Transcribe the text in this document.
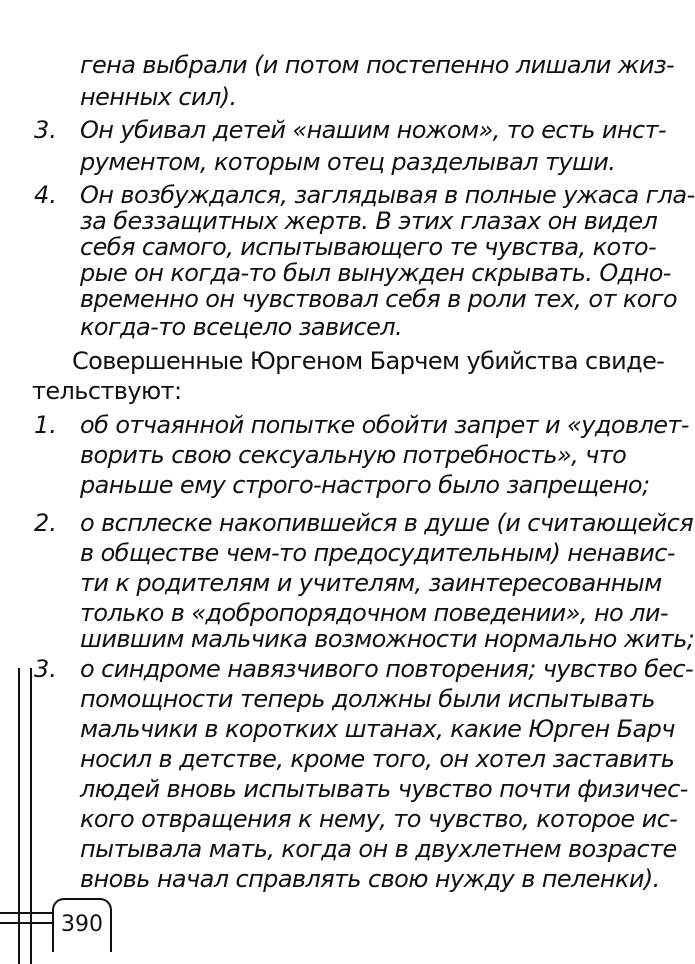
390
3.
4.
1.
2.
3.
гена выбрали (и потом постепенно лишали жиз-
ненных сил).
Он убивал детей «нашим ножом», то есть инст-
рументом, которым отец разделывал туши.
Он возбуждался, заглядывая в полные ужаса гла-
за беззащитных жертв. В этих глазах он видел
себя самого, испытывающего те чувства, кото-
рые он когда-то был вынужден скрывать. Одно-
временно он чувствовал себя в роли тех, от кого
когда-то всецело зависел.
Совершенные Юргеном Барчем убийства свиде-
тельствуют:
об отчаянной попытке обойти запрет и «удовлет-
ворить свою сексуальную потребность», что
раньше ему строго-настрого было запрещено;
о всплеске накопившейся в душе (и считающейся
в обществе чем-то предосудительным) ненавис-
ти к родителям и учителям, заинтересованным
только в «добропорядочном поведении», но ли-
шившим мальчика возможности нормально жить;
о синдроме навязчивого повторения; чувство бес-
помощности теперь должны были испытывать
мальчики в коротких штанах, какие Юрген Барч
носил в детстве, кроме того, он хотел заставить
людей вновь испытывать чувство почти физичес-
кого отвращения к нему, то чувство, которое ис-
пытывала мать, когда он в двухлетнем возрасте
вновь начал справлять свою нужду в пеленки).
